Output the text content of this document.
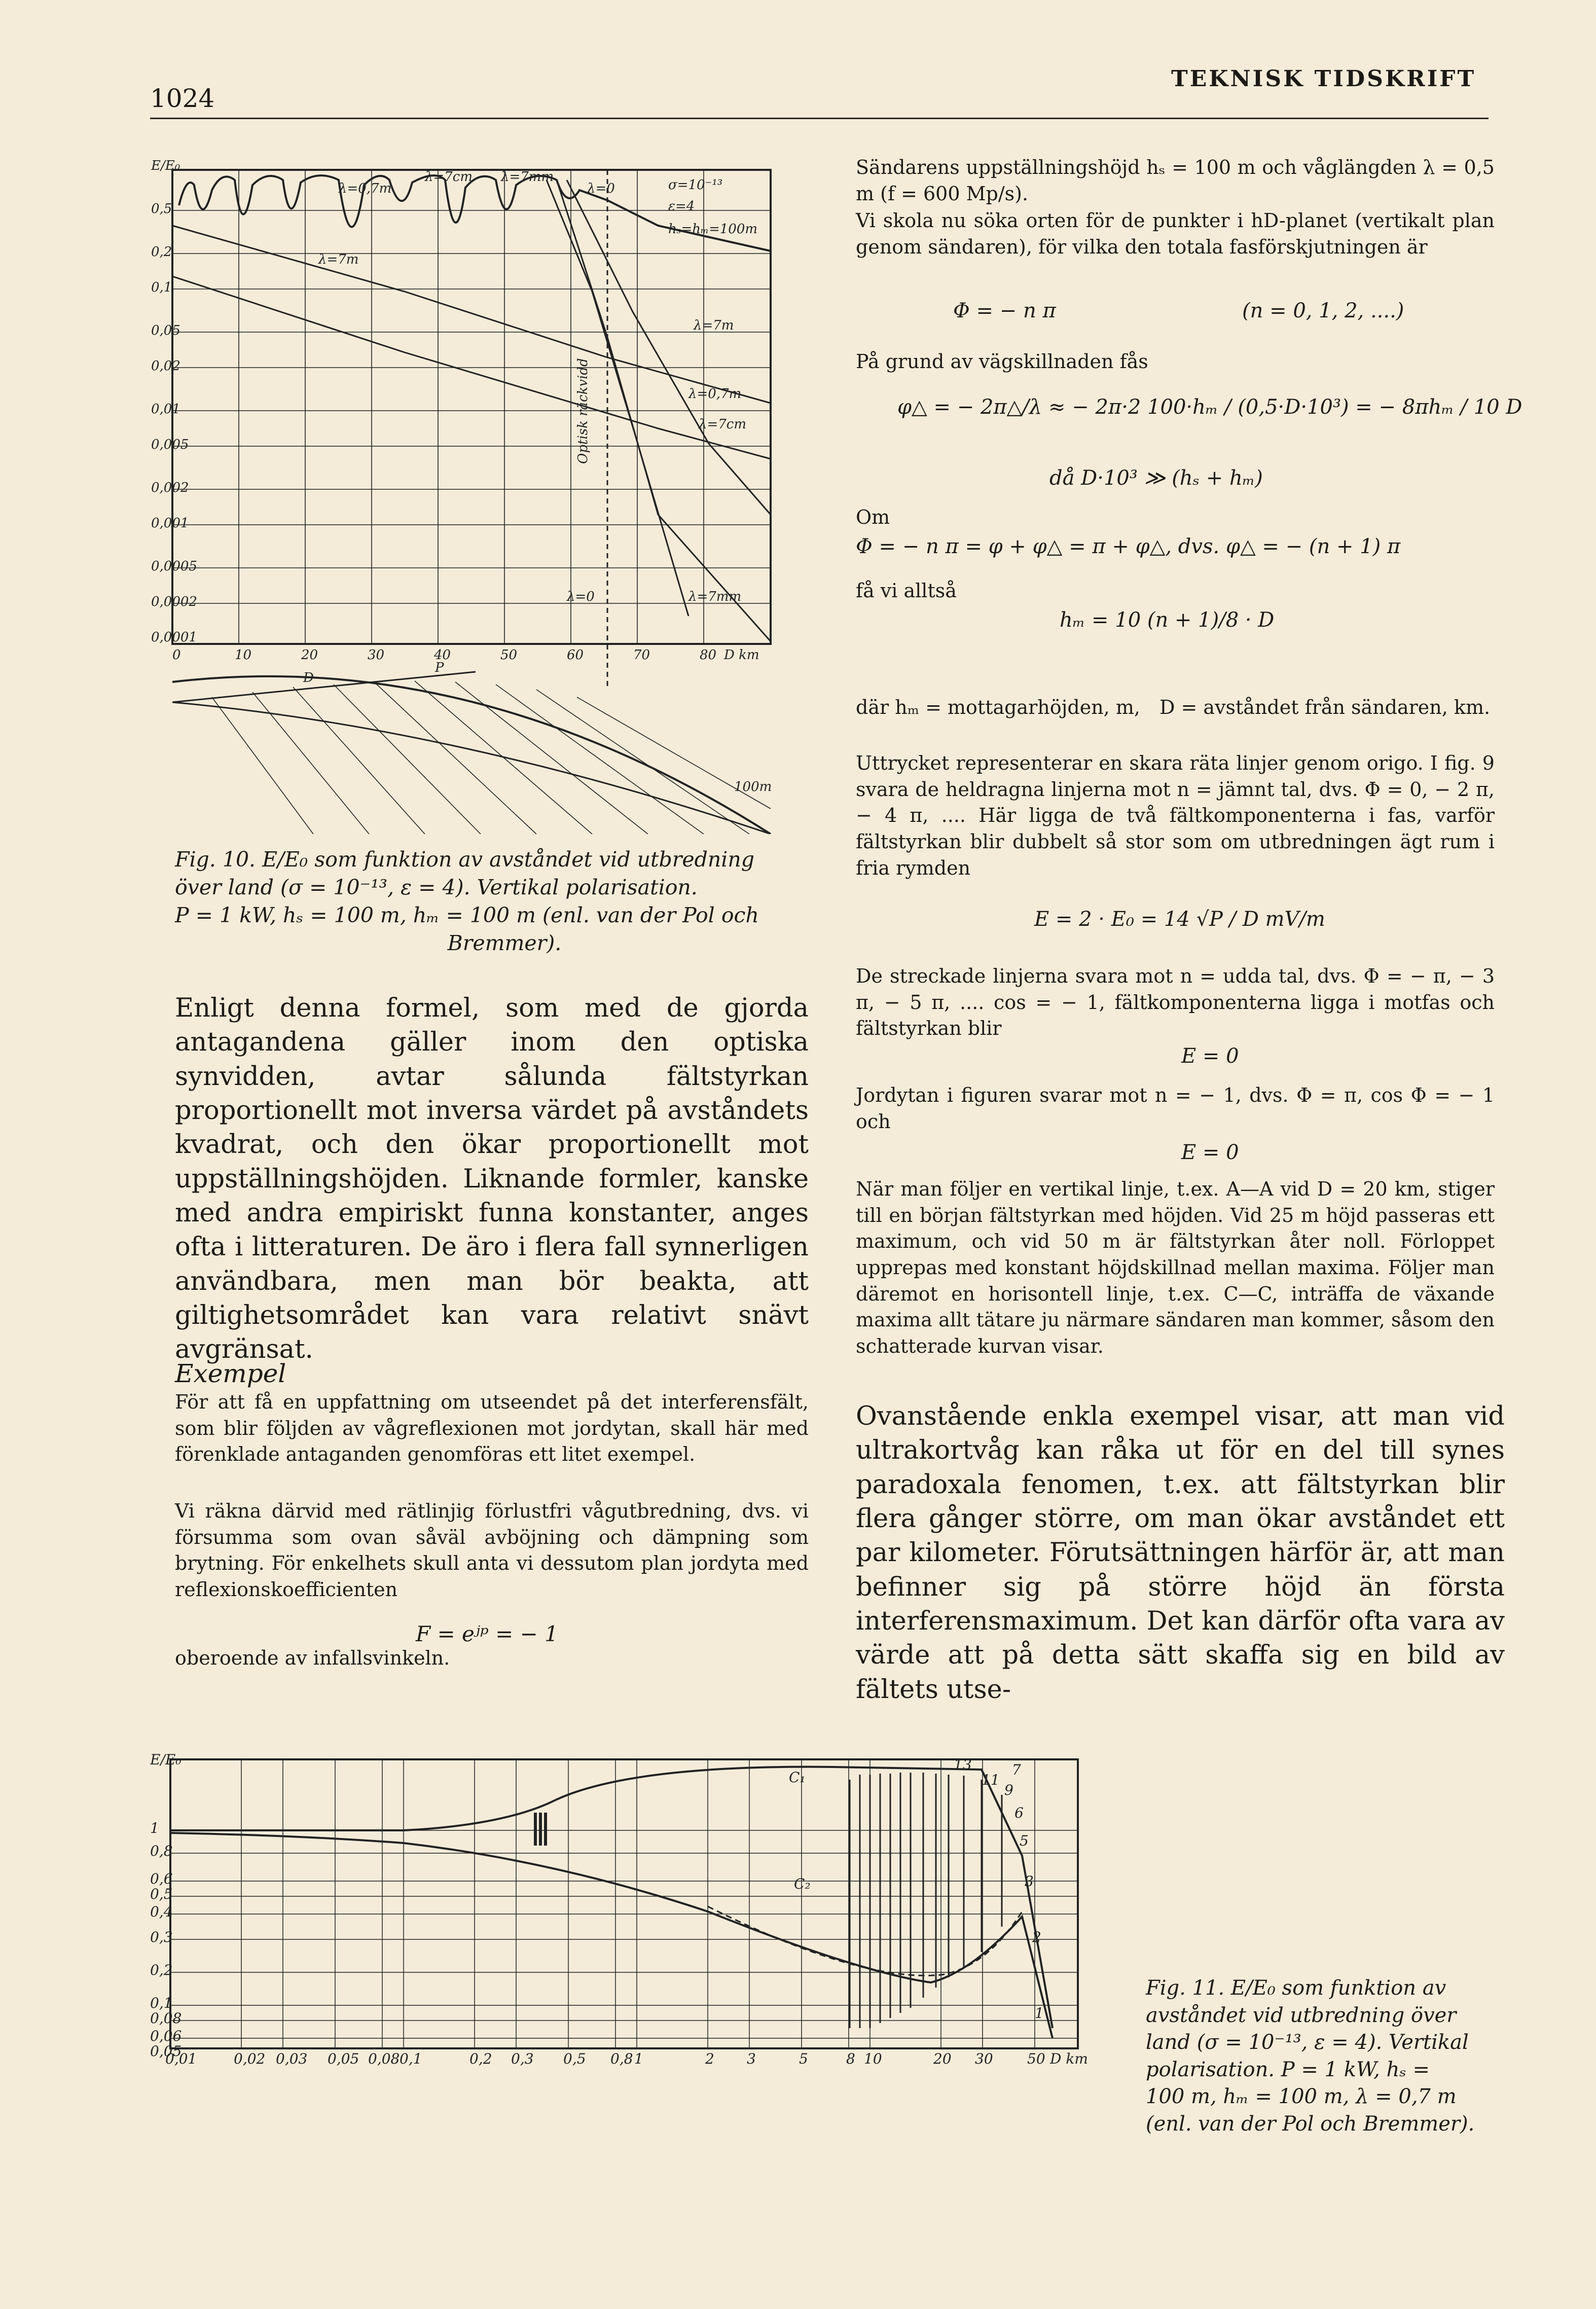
1024
TEKNISK TIDSKRIFT
E/E₀
0,5
0,2
0,1
0,05
0,02
0,01
0,005
0,002
0,001
0,0005
0,0002
0,0001
0	10	20	30	40	50	60	70	80 D km
λ=0,7m
λ=7cm λ=7mm
λ=0
λ=7m
λ=7m
λ=0,7m
λ=7cm
λ=0	λ=7mm
σ=10⁻¹³
ε=4
hₛ=hₘ=100m
Optisk räckvidd
D
P
100m
Fig. 10. E/E₀ som funktion av avståndet vid utbredning
över land (σ = 10⁻¹³, ε = 4). Vertikal polarisation.
P = 1 kW, hₛ = 100 m, hₘ = 100 m (enl. van der Pol och
Bremmer).
Enligt denna formel, som med de gjorda antagandena gäller inom den optiska synvidden, avtar sålunda fältstyrkan proportionellt mot inversa värdet på avståndets kvadrat, och den ökar proportionellt mot uppställningshöjden. Liknande formler, kanske med andra empiriskt funna konstanter, anges ofta i litteraturen. De äro i flera fall synnerligen användbara, men man bör beakta, att giltighetsområdet kan vara relativt snävt avgränsat.
Exempel
För att få en uppfattning om utseendet på det interferensfält, som blir följden av vågreflexionen mot jordytan, skall här med förenklade antaganden genomföras ett litet exempel.
Vi räkna därvid med rätlinjig förlustfri vågutbredning, dvs. vi försumma som ovan såväl avböjning och dämpning som brytning. För enkelhets skull anta vi dessutom plan jordyta med reflexionskoefficienten
F = eʲᵖ = − 1
oberoende av infallsvinkeln.
Sändarens uppställningshöjd hₛ = 100 m och våglängden λ = 0,5 m (f = 600 Mp/s).
Vi skola nu söka orten för de punkter i hD-planet (vertikalt plan genom sändaren), för vilka den totala fasförskjutningen är
Φ = − n π	(n = 0, 1, 2, ....)
På grund av vägskillnaden fås
φ△ = − 2π△/λ ≈ − 2π·2 100·hₘ / (0,5·D·10³) = − 8πhₘ / 10 D
då D·10³ ≫ (hₛ + hₘ)
Om
Φ = − n π = φ + φ△ = π + φ△, dvs. φ△ = − (n + 1) π
få vi alltså
hₘ = 10 (n + 1)/8 · D
där hₘ = mottagarhöjden, m, D = avståndet från sändaren, km.
Uttrycket representerar en skara räta linjer genom origo. I fig. 9 svara de heldragna linjerna mot n = jämnt tal, dvs. Φ = 0, − 2 π, − 4 π, .... Här ligga de två fältkomponenterna i fas, varför fältstyrkan blir dubbelt så stor som om utbredningen ägt rum i fria rymden
E = 2 · E₀ = 14 √P / D mV/m
De streckade linjerna svara mot n = udda tal, dvs. Φ = − π, − 3 π, − 5 π, .... cos = − 1, fältkomponenterna ligga i motfas och fältstyrkan blir
E = 0
Jordytan i figuren svarar mot n = − 1, dvs. Φ = π, cos Φ = − 1 och
E = 0
När man följer en vertikal linje, t.ex. A—A vid D = 20 km, stiger till en början fältstyrkan med höjden. Vid 25 m höjd passeras ett maximum, och vid 50 m är fältstyrkan åter noll. Förloppet upprepas med konstant höjdskillnad mellan maxima. Följer man däremot en horisontell linje, t.ex. C—C, inträffa de växande maxima allt tätare ju närmare sändaren man kommer, såsom den schatterade kurvan visar.
Ovanstående enkla exempel visar, att man vid ultrakortvåg kan råka ut för en del till synes paradoxala fenomen, t.ex. att fältstyrkan blir flera gånger större, om man ökar avståndet ett par kilometer. Förutsättningen härför är, att man befinner sig på större höjd än första interferensmaximum. Det kan därför ofta vara av värde att på detta sätt skaffa sig en bild av fältets utse-
E/E₀
1
0,8
0,6
0,5
0,4
0,3
0,2
0,1
0,08
0,06
0,05
0,01	0,02 0,03 0,05 0,08 0,1	0,2 0,3 0,5 0,8 1	2 3	5	8 10	20 30 50 D km
C₁
C₂
13
11
7
9
6
5
3
2
1
Fig. 11. E/E₀ som funktion av
avståndet vid utbredning över
land (σ = 10⁻¹³, ε = 4). Vertikal
polarisation. P = 1 kW, hₛ =
100 m, hₘ = 100 m, λ = 0,7 m
(enl. van der Pol och Bremmer).
